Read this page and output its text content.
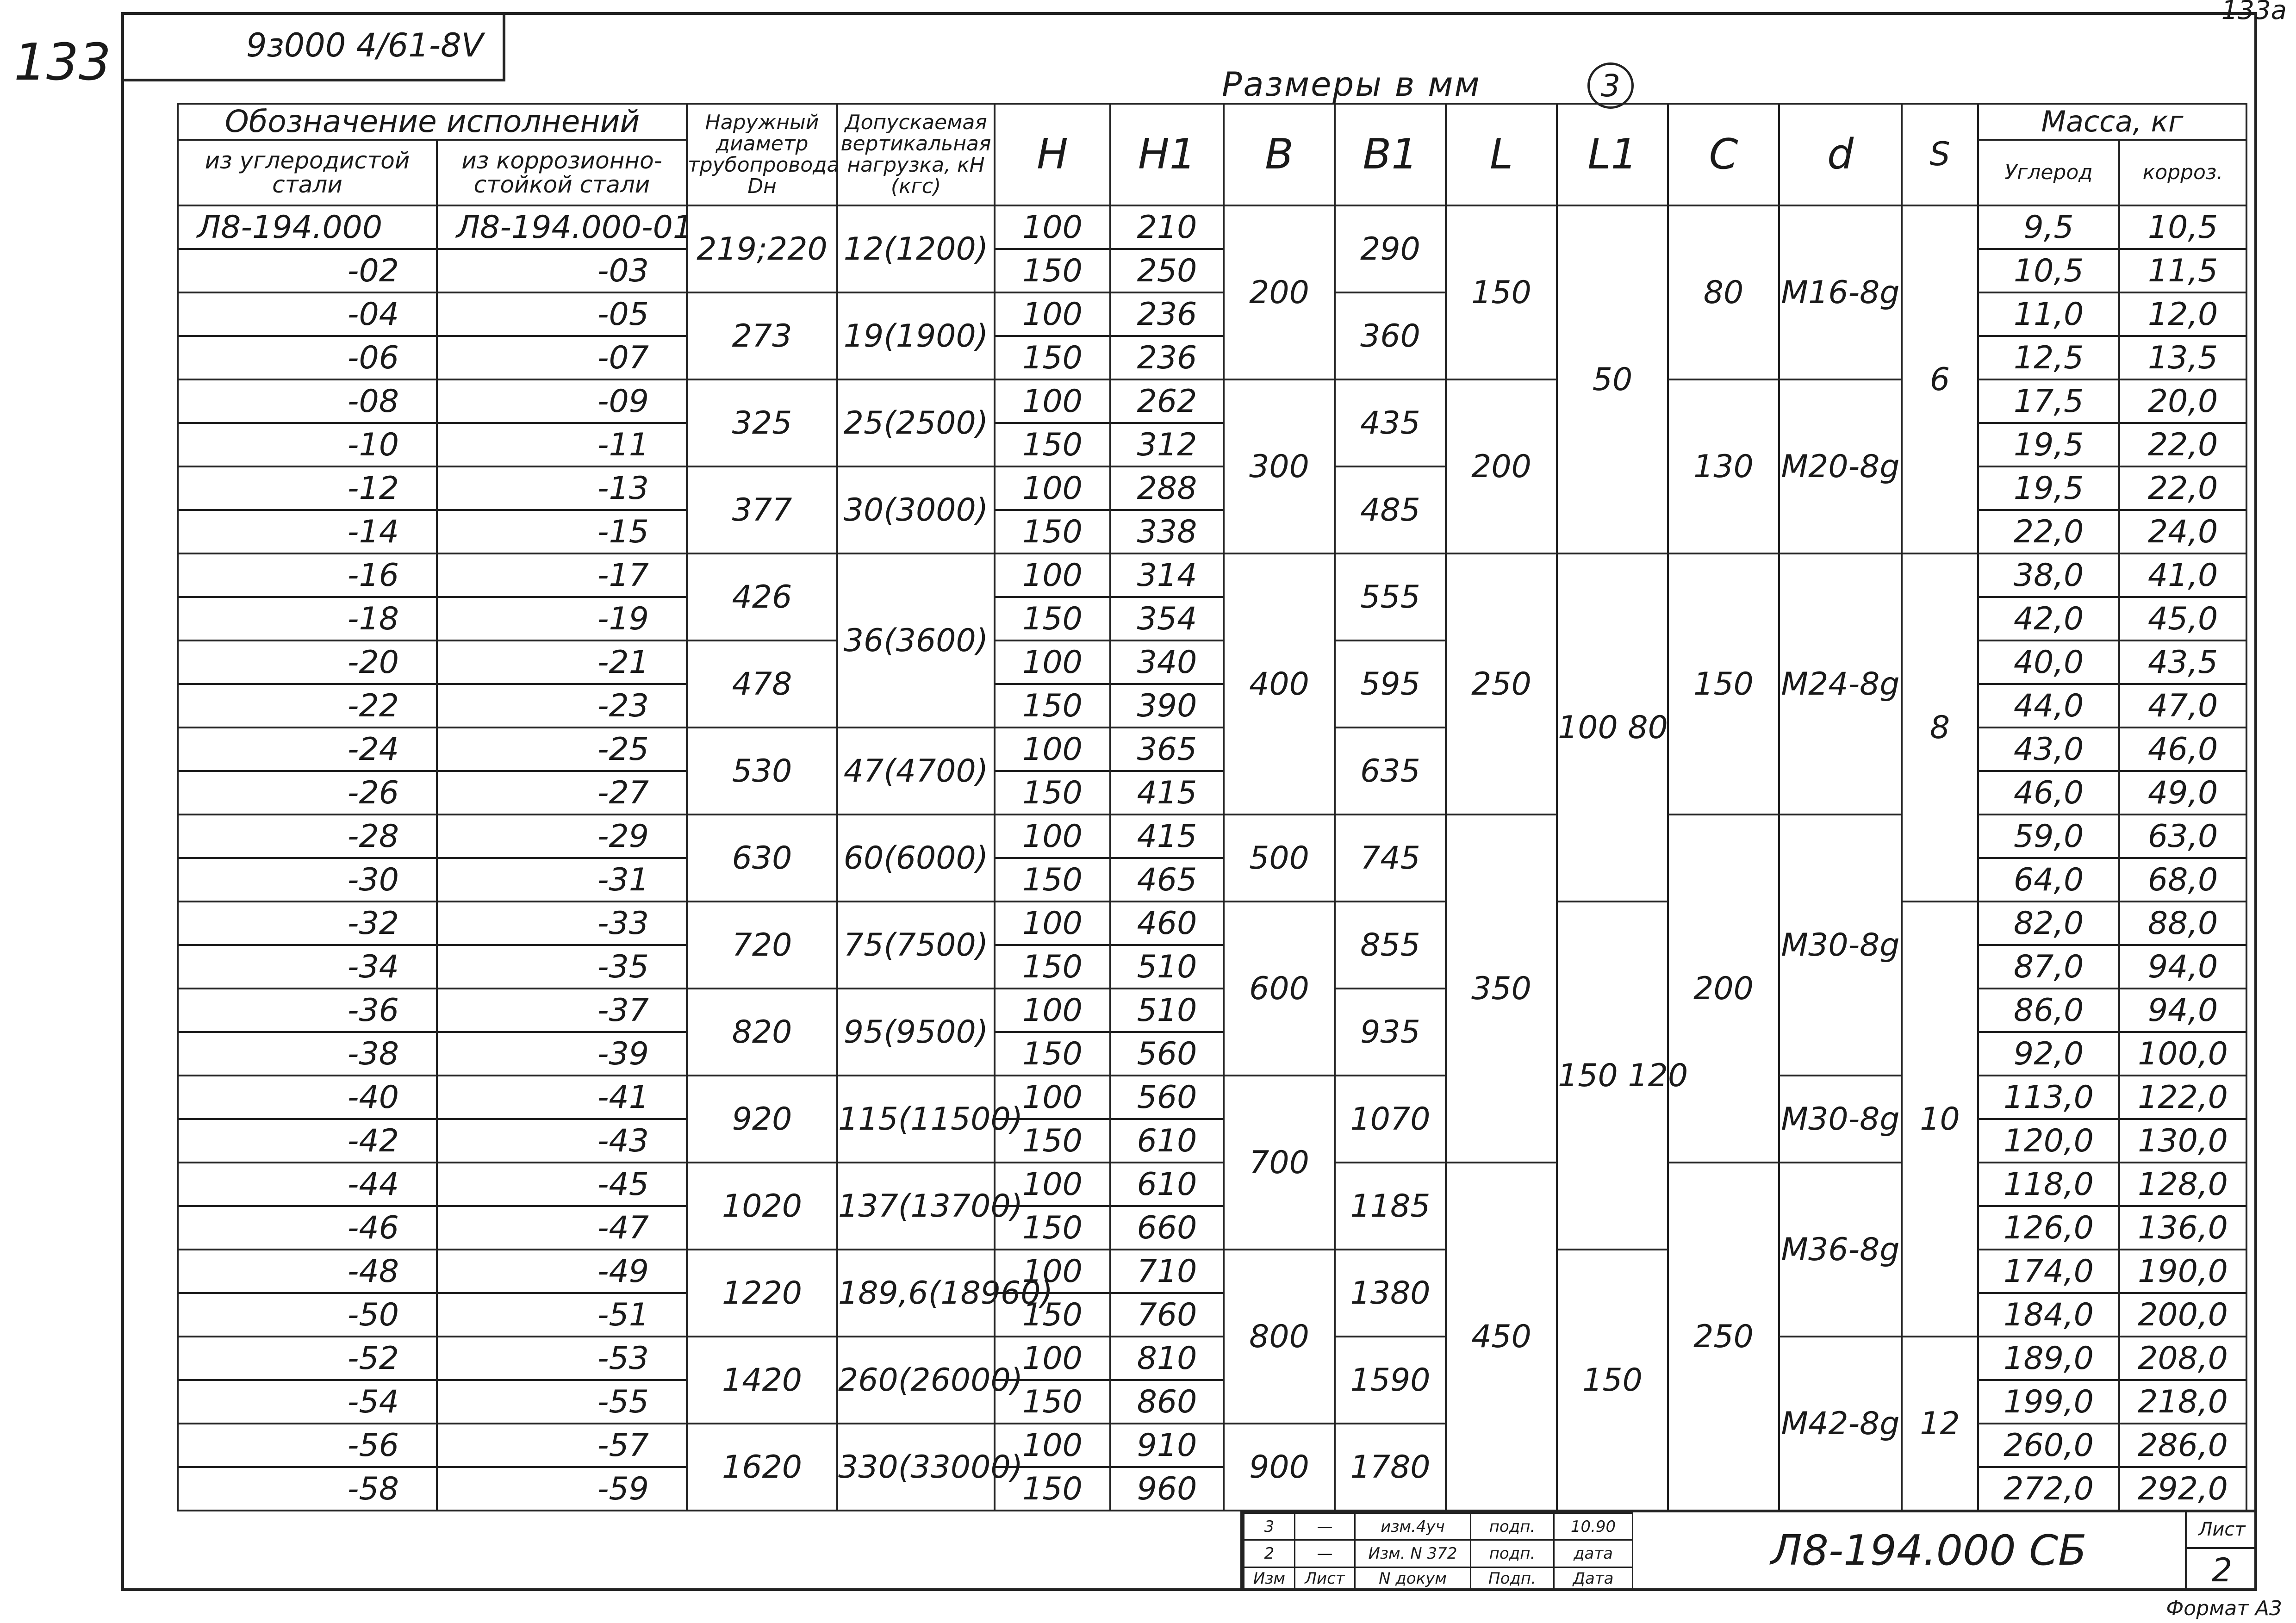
9з000 4/61-8V
133
133a
Размеры в мм	3
Обозначение исполнений		Наружный диаметр трубопровода Dн	Допускаемая вертикальная нагрузка, кН (кгс)	H	H1	B	B1	L	L1	C	d	S	Масса, кг	
из углеродистой стали	из коррозионно-стойкой стали												Углерод	корроз.
Л8-194.000	Л8-194.000-01	219;220	12(1200)	100	210	200	290	150	50	80	M16-8g	6	9,5	10,5
-02	-03			150	250								10,5	11,5
-04	-05	273	19(1900)	100	236		360						11,0	12,0
-06	-07			150	236								12,5	13,5
-08	-09	325	25(2500)	100	262	300	435	200		130	M20-8g		17,5	20,0
-10	-11			150	312								19,5	22,0
-12	-13	377	30(3000)	100	288		485						19,5	22,0
-14	-15			150	338								22,0	24,0
-16	-17	426	36(3600)	100	314	400	555	250	100 80	150	M24-8g	8	38,0	41,0
-18	-19			150	354								42,0	45,0
-20	-21	478		100	340		595						40,0	43,5
-22	-23			150	390								44,0	47,0
-24	-25	530	47(4700)	100	365		635						43,0	46,0
-26	-27			150	415								46,0	49,0
-28	-29	630	60(6000)	100	415	500	745	350		200	M30-8g		59,0	63,0
-30	-31			150	465								64,0	68,0
-32	-33	720	75(7500)	100	460	600	855		150 120			10	82,0	88,0
-34	-35			150	510								87,0	94,0
-36	-37	820	95(9500)	100	510		935						86,0	94,0
-38	-39			150	560								92,0	100,0
-40	-41	920	115(11500)	100	560	700	1070				M30-8g		113,0	122,0
-42	-43			150	610								120,0	130,0
-44	-45	1020	137(13700)	100	610		1185	450		250	M36-8g		118,0	128,0
-46	-47			150	660								126,0	136,0
-48	-49	1220	189,6(18960)	100	710	800	1380		150				174,0	190,0
-50	-51			150	760								184,0	200,0
-52	-53	1420	260(26000)	100	810		1590				M42-8g	12	189,0	208,0
-54	-55			150	860								199,0	218,0
-56	-57	1620	330(33000)	100	910	900	1780						260,0	286,0
-58	-59			150	960								272,0	292,0
3	—	изм.4уч	подп.	10.90
2	—	Изм. N 372	подп.	дата
Изм	Лист	N докум	Подп.	Дата
Л8-194.000 СБ	Лист
2
Формат А3
